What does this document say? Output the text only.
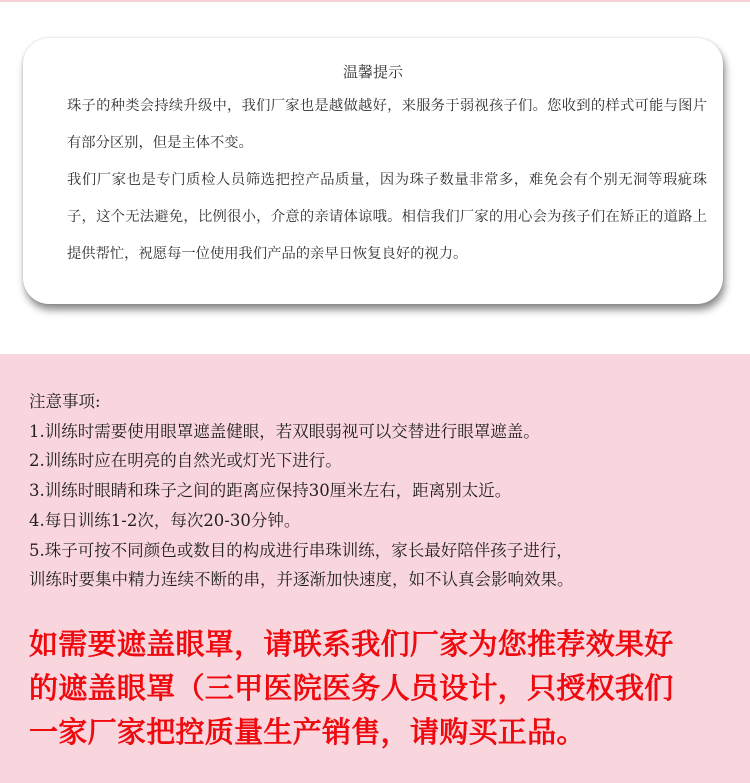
温馨提示
珠子的种类会持续升级中，我们厂家也是越做越好，来服务于弱视孩子们。您收到的样式可能与图片有部分区别，但是主体不变。
我们厂家也是专门质检人员筛选把控产品质量，因为珠子数量非常多，难免会有个别无洞等瑕疵珠子，这个无法避免，比例很小，介意的亲请体谅哦。相信我们厂家的用心会为孩子们在矫正的道路上提供帮忙，祝愿每一位使用我们产品的亲早日恢复良好的视力。
注意事项:
1.训练时需要使用眼罩遮盖健眼，若双眼弱视可以交替进行眼罩遮盖。
2.训练时应在明亮的自然光或灯光下进行。
3.训练时眼睛和珠子之间的距离应保持30厘米左右，距离别太近。
4.每日训练1-2次，每次20-30分钟。
5.珠子可按不同颜色或数目的构成进行串珠训练，家长最好陪伴孩子进行，
训练时要集中精力连续不断的串，并逐渐加快速度，如不认真会影响效果。
如需要遮盖眼罩，请联系我们厂家为您推荐效果好
的遮盖眼罩（三甲医院医务人员设计，只授权我们
一家厂家把控质量生产销售，请购买正品。
